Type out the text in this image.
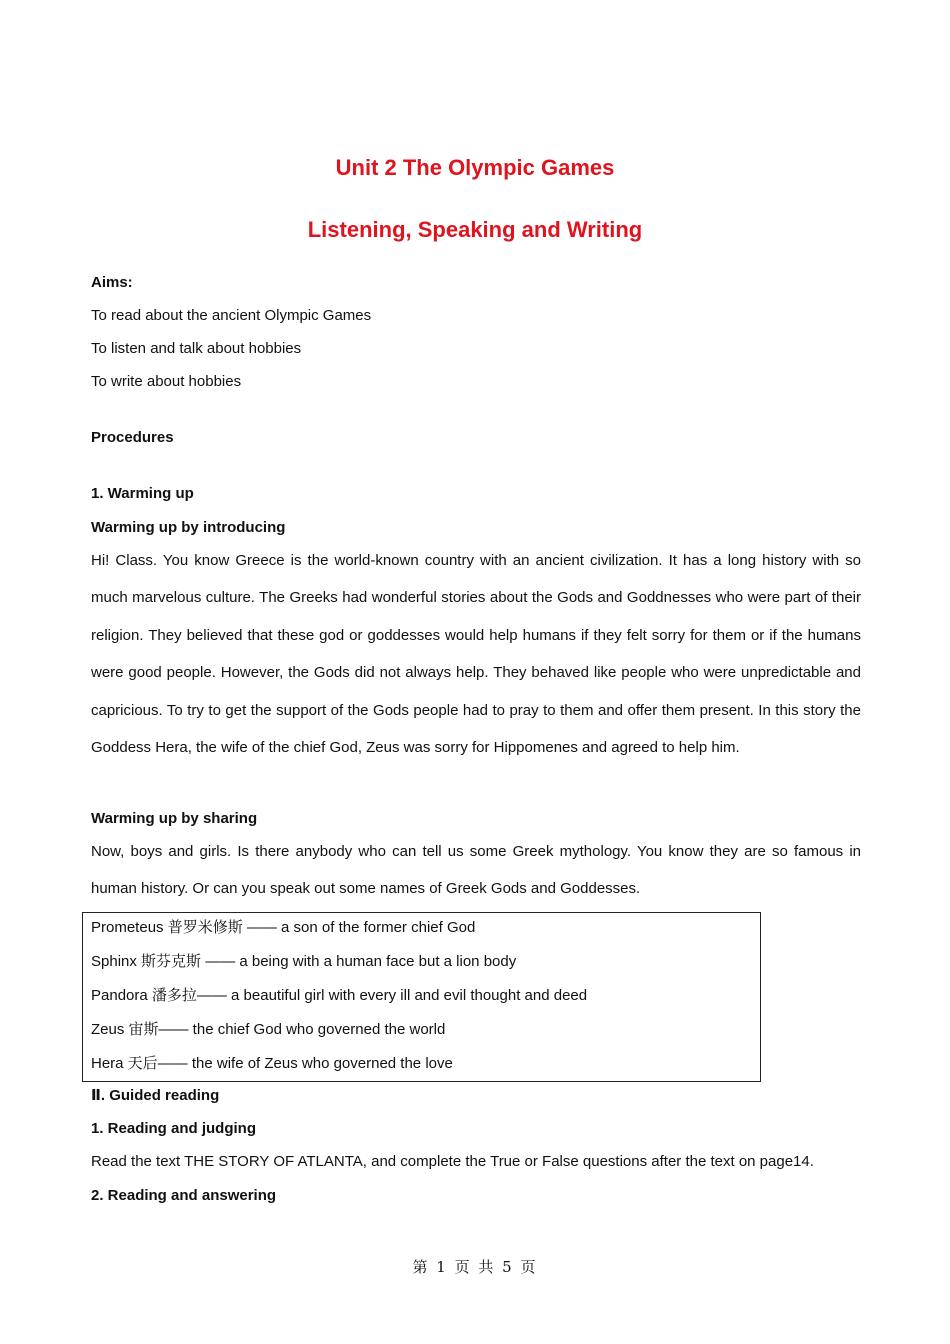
Unit 2 The Olympic Games
Listening, Speaking and Writing
Aims:
To read about the ancient Olympic Games
To listen and talk about hobbies
To write about hobbies
Procedures
1. Warming up
Warming up by introducing
Hi! Class. You know Greece is the world-known country with an ancient civilization. It has a long history with so much marvelous culture. The Greeks had wonderful stories about the Gods and Goddnesses who were part of their religion. They believed that these god or goddesses would help humans if they felt sorry for them or if the humans were good people. However, the Gods did not always help. They behaved like people who were unpredictable and capricious. To try to get the support of the Gods people had to pray to them and offer them present. In this story the Goddess Hera, the wife of the chief God, Zeus was sorry for Hippomenes and agreed to help him.
Warming up by sharing
Now, boys and girls. Is there anybody who can tell us some Greek mythology. You know they are so famous in human history. Or can you speak out some names of Greek Gods and Goddesses.
Prometeus 普罗米修斯 —— a son of the former chief God
Sphinx 斯芬克斯 —— a being with a human face but a lion body
Pandora 潘多拉—— a beautiful girl with every ill and evil thought and deed
Zeus 宙斯—— the chief God who governed the world
Hera 天后—— the wife of Zeus who governed the love
Ⅱ. Guided reading
1. Reading and judging
Read the text THE STORY OF ATLANTA, and complete the True or False questions after the text on page14.
2. Reading and answering
第 1 页 共 5 页
